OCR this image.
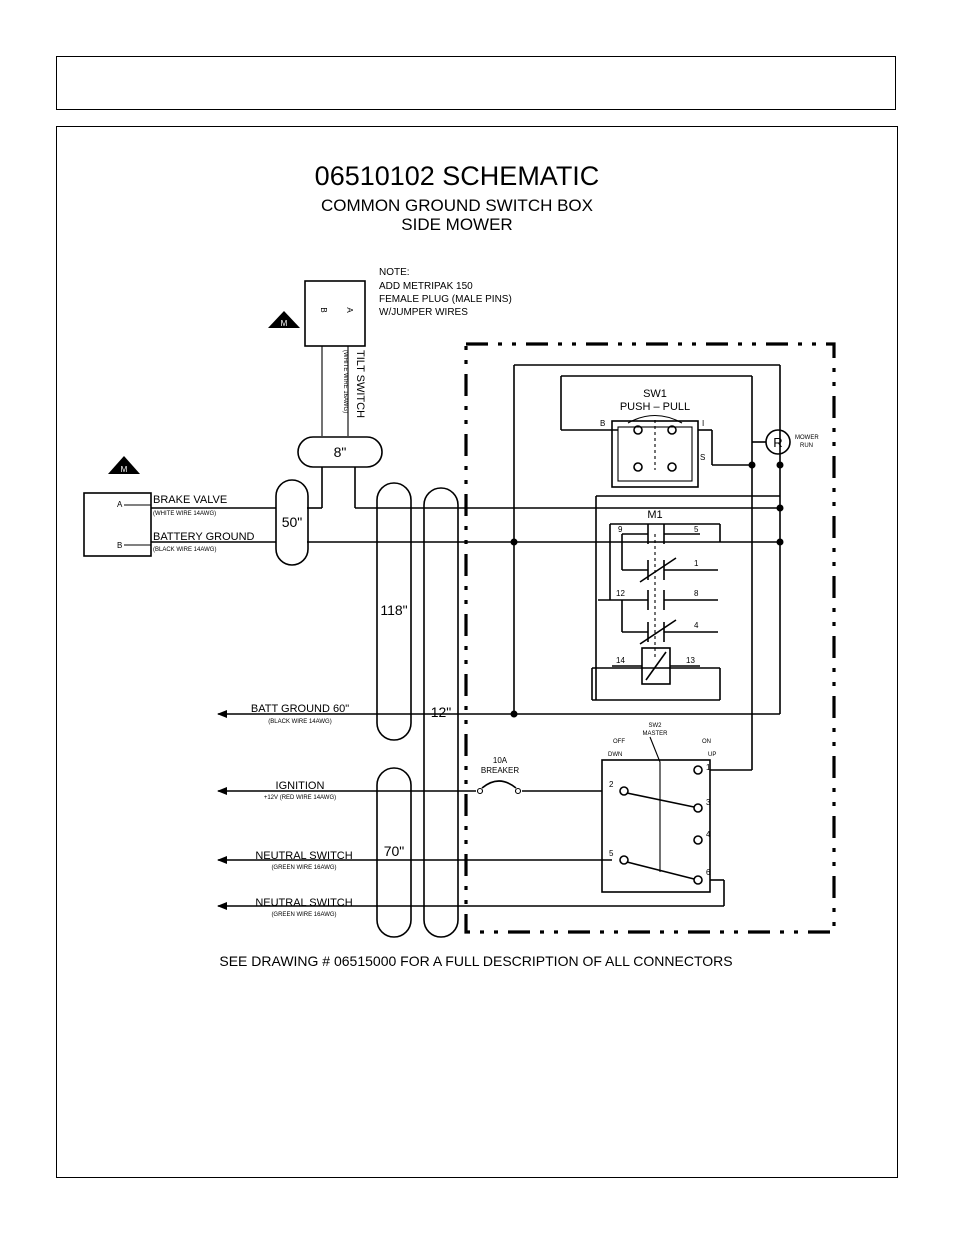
06510102 SCHEMATIC
COMMON GROUND SWITCH BOX
SIDE MOWER
NOTE:
ADD METRIPAK 150
FEMALE PLUG (MALE PINS)
W/JUMPER WIRES
M
M
B A
TILT SWITCH
(WHITE WIRE 16AWG)
A
B
BRAKE VALVE
(WHITE WIRE 14AWG)
BATTERY GROUND
(BLACK WIRE 14AWG)
8"
50"
118"
12"
70"
SW1
PUSH – PULL
B	I
S
R MOWER
RUN
M1
9	5
1
12	8
4
14	13
10A
BREAKER
SW2
MASTER
OFF
DWN
ON
UP
2
5
1
3
4
6
BATT GROUND 60"
(BLACK WIRE 14AWG)
IGNITION
+12V (RED WIRE 14AWG)
NEUTRAL SWITCH
(GREEN WIRE 16AWG)
NEUTRAL SWITCH
(GREEN WIRE 16AWG)
SEE DRAWING # 06515000 FOR A FULL DESCRIPTION OF ALL CONNECTORS
